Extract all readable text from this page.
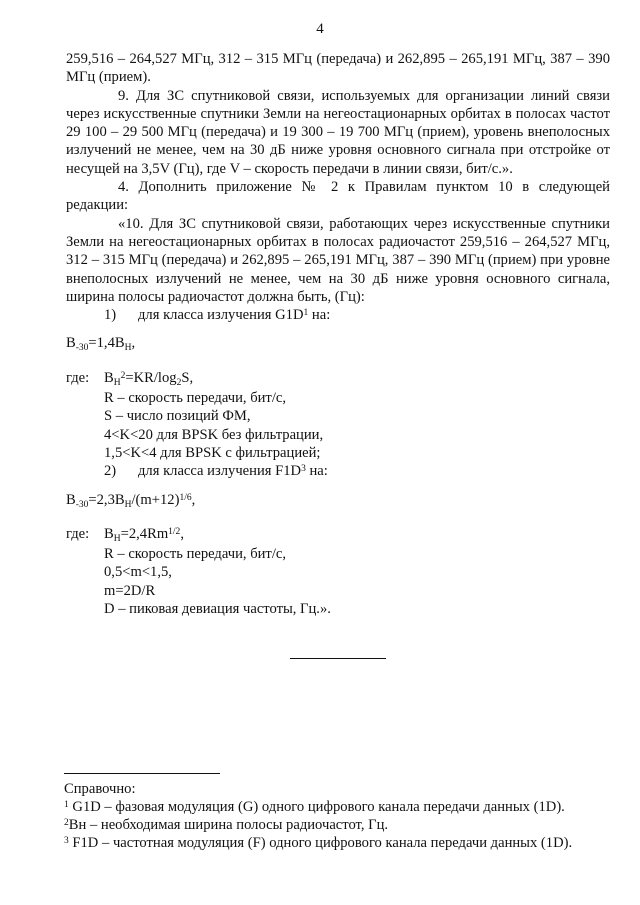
4

259,516 – 264,527 МГц, 312 – 315 МГц (передача) и 262,895 – 265,191 МГц, 387 – 390 МГц (прием).

9. Для ЗС спутниковой связи, используемых для организации линий связи через искусственные спутники Земли на негеостационарных орбитах в полосах частот 29 100 – 29 500 МГц (передача) и 19 300 – 19 700 МГц (прием), уровень внеполосных излучений не менее, чем на 30 дБ ниже уровня основного сигнала при отстройке от несущей на 3,5V (Гц), где V – скорость передачи в линии связи, бит/с.».

4. Дополнить приложение № 2 к Правилам пунктом 10 в следующей редакции:

«10. Для ЗС спутниковой связи, работающих через искусственные спутники Земли на негеостационарных орбитах в полосах радиочастот 259,516 – 264,527 МГц, 312 – 315 МГц (передача) и 262,895 – 265,191 МГц, 387 – 390 МГц (прием) при уровне внеполосных излучений не менее, чем на 30 дБ ниже уровня основного сигнала, ширина полосы радиочастот должна быть, (Гц):

1) для класса излучения $G1D^1$ на:

$B_{-30}=1,4B_Н$,

где: $B_Н^2=KR/\log_2S$,

R – скорость передачи, бит/с,

S – число позиций ФМ,

4<K<20 для BPSK без фильтрации,

1,5<K<4 для BPSK с фильтрацией;

2) для класса излучения $F1D^3$ на:

$B_{-30}=2,3B_Н/(m+12)^{1/6}$,

где: $B_Н=2,4Rm^{1/2}$,

R – скорость передачи, бит/с,

0,5<m<1,5,

m=2D/R

D – пиковая девиация частоты, Гц.».

Справочно:

$^1$ G1D – фазовая модуляция (G) одного цифрового канала передачи данных (1D).

$^2$Вн – необходимая ширина полосы радиочастот, Гц.

$^3$ F1D – частотная модуляция (F) одного цифрового канала передачи данных (1D).
